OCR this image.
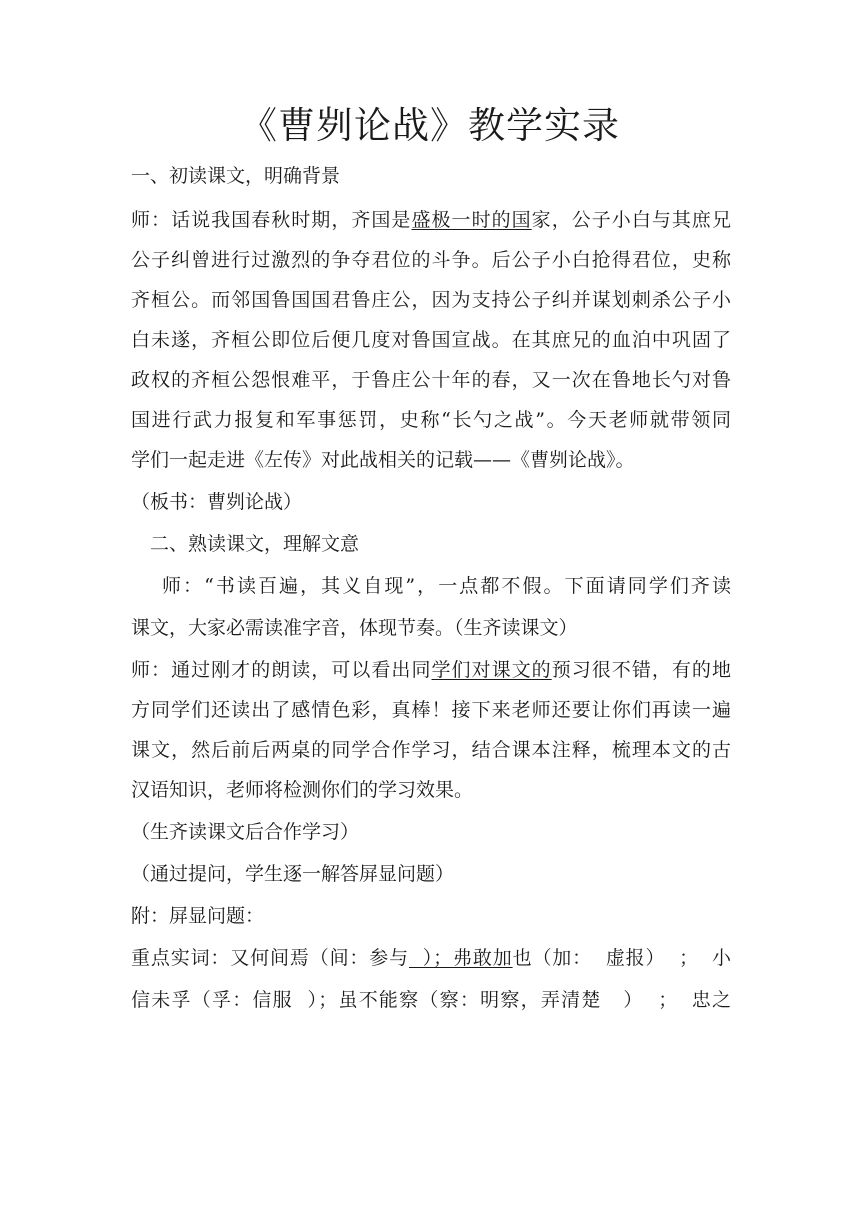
《曹刿论战》教学实录
一、初读课文，明确背景
师：话说我国春秋时期，齐国是盛极一时的国家，公子小白与其庶兄
公子纠曾进行过激烈的争夺君位的斗争。后公子小白抢得君位，史称
齐桓公。而邻国鲁国国君鲁庄公，因为支持公子纠并谋划刺杀公子小
白未遂，齐桓公即位后便几度对鲁国宣战。在其庶兄的血泊中巩固了
政权的齐桓公怨恨难平，于鲁庄公十年的春，又一次在鲁地长勺对鲁
国进行武力报复和军事惩罚，史称“长勺之战”。今天老师就带领同
学们一起走进《左传》对此战相关的记载——《曹刿论战》。
（板书：曹刿论战）
二、熟读课文，理解文意
师：“书读百遍，其义自现”，一点都不假。下面请同学们齐读
课文，大家必需读准字音，体现节奏。（生齐读课文）
师：通过刚才的朗读，可以看出同学们对课文的预习很不错，有的地
方同学们还读出了感情色彩，真棒！接下来老师还要让你们再读一遍
课文，然后前后两桌的同学合作学习，结合课本注释，梳理本文的古
汉语知识，老师将检测你们的学习效果。
（生齐读课文后合作学习）
（通过提问，学生逐一解答屏显问题）
附：屏显问题：
重点实词：又何间焉（间：参与  ）；弗敢加也（加：  虚报）  ；  小
信未孚（孚：信服  ）；虽不能察（察：明察，弄清楚   ）  ；  忠之
